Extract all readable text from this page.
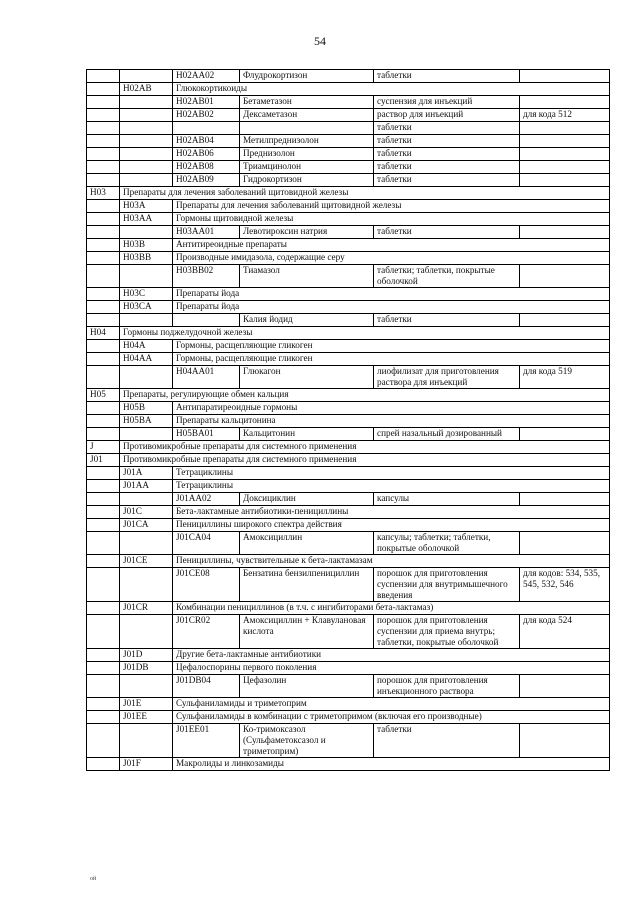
54
		H02AA02	Флудрокортизон	таблетки	
	H02AB	Глюкокортикоиды			
		H02AB01	Бетаметазон	суспензия для инъекций	
		H02AB02	Дексаметазон	раствор для инъекций	для кода 512
				таблетки	
		H02AB04	Метилпреднизолон	таблетки	
		H02AB06	Преднизолон	таблетки	
		H02AB08	Триамцинолон	таблетки	
		H02AB09	Гидрокортизон	таблетки	
H03	Препараты для лечения заболеваний щитовидной железы				
	H03A	Препараты для лечения заболеваний щитовидной железы			
	H03AA	Гормоны щитовидной железы			
		H03AA01	Левотироксин натрия	таблетки	
	H03B	Антитиреоидные препараты			
	H03BB	Производные имидазола, содержащие серу			
		H03BB02	Тиамазол	таблетки; таблетки, покрытые оболочкой	
	H03C	Препараты йода			
	H03CA	Препараты йода			
			Калия йодид	таблетки	
H04	Гормоны поджелудочной железы				
	H04A	Гормоны, расщепляющие гликоген			
	H04AA	Гормоны, расщепляющие гликоген			
		H04AA01	Глюкагон	лиофилизат для приготовления раствора для инъекций	для кода 519
H05	Препараты, регулирующие обмен кальция				
	H05B	Антипаратиреоидные гормоны			
	H05BA	Препараты кальцитонина			
		H05BA01	Кальцитонин	спрей назальный дозированный	
J	Противомикробные препараты для системного применения				
J01	Противомикробные препараты для системного применения				
	J01A	Тетрациклины			
	J01AA	Тетрациклины			
		J01AA02	Доксициклин	капсулы	
	J01C	Бета-лактамные антибиотики-пенициллины			
	J01CA	Пенициллины широкого спектра действия			
		J01CA04	Амоксициллин	капсулы; таблетки; таблетки, покрытые оболочкой	
	J01CE	Пенициллины, чувствительные к бета-лактамазам			
		J01CE08	Бензатина бензилпенициллин	порошок для приготовления суспензии для внутримышечного введения	для кодов: 534, 535, 545, 532, 546
	J01CR	Комбинации пенициллинов (в т.ч. с ингибиторами бета-лактамаз)			
		J01CR02	Амоксициллин + Клавулановая кислота	порошок для приготовления суспензии для приема внутрь; таблетки, покрытые оболочкой	для кода 524
	J01D	Другие бета-лактамные антибиотики			
	J01DB	Цефалоспорины первого поколения			
		J01DB04	Цефазолин	порошок для приготовления инъекционного раствора	
	J01E	Сульфаниламиды и триметоприм			
	J01EE	Сульфаниламиды в комбинации с триметопримом (включая его производные)			
		J01EE01	Ко-тримоксазол (Сульфаметоксазол и триметоприм)	таблетки	
	J01F	Макролиды и линкозамиды			
ой
